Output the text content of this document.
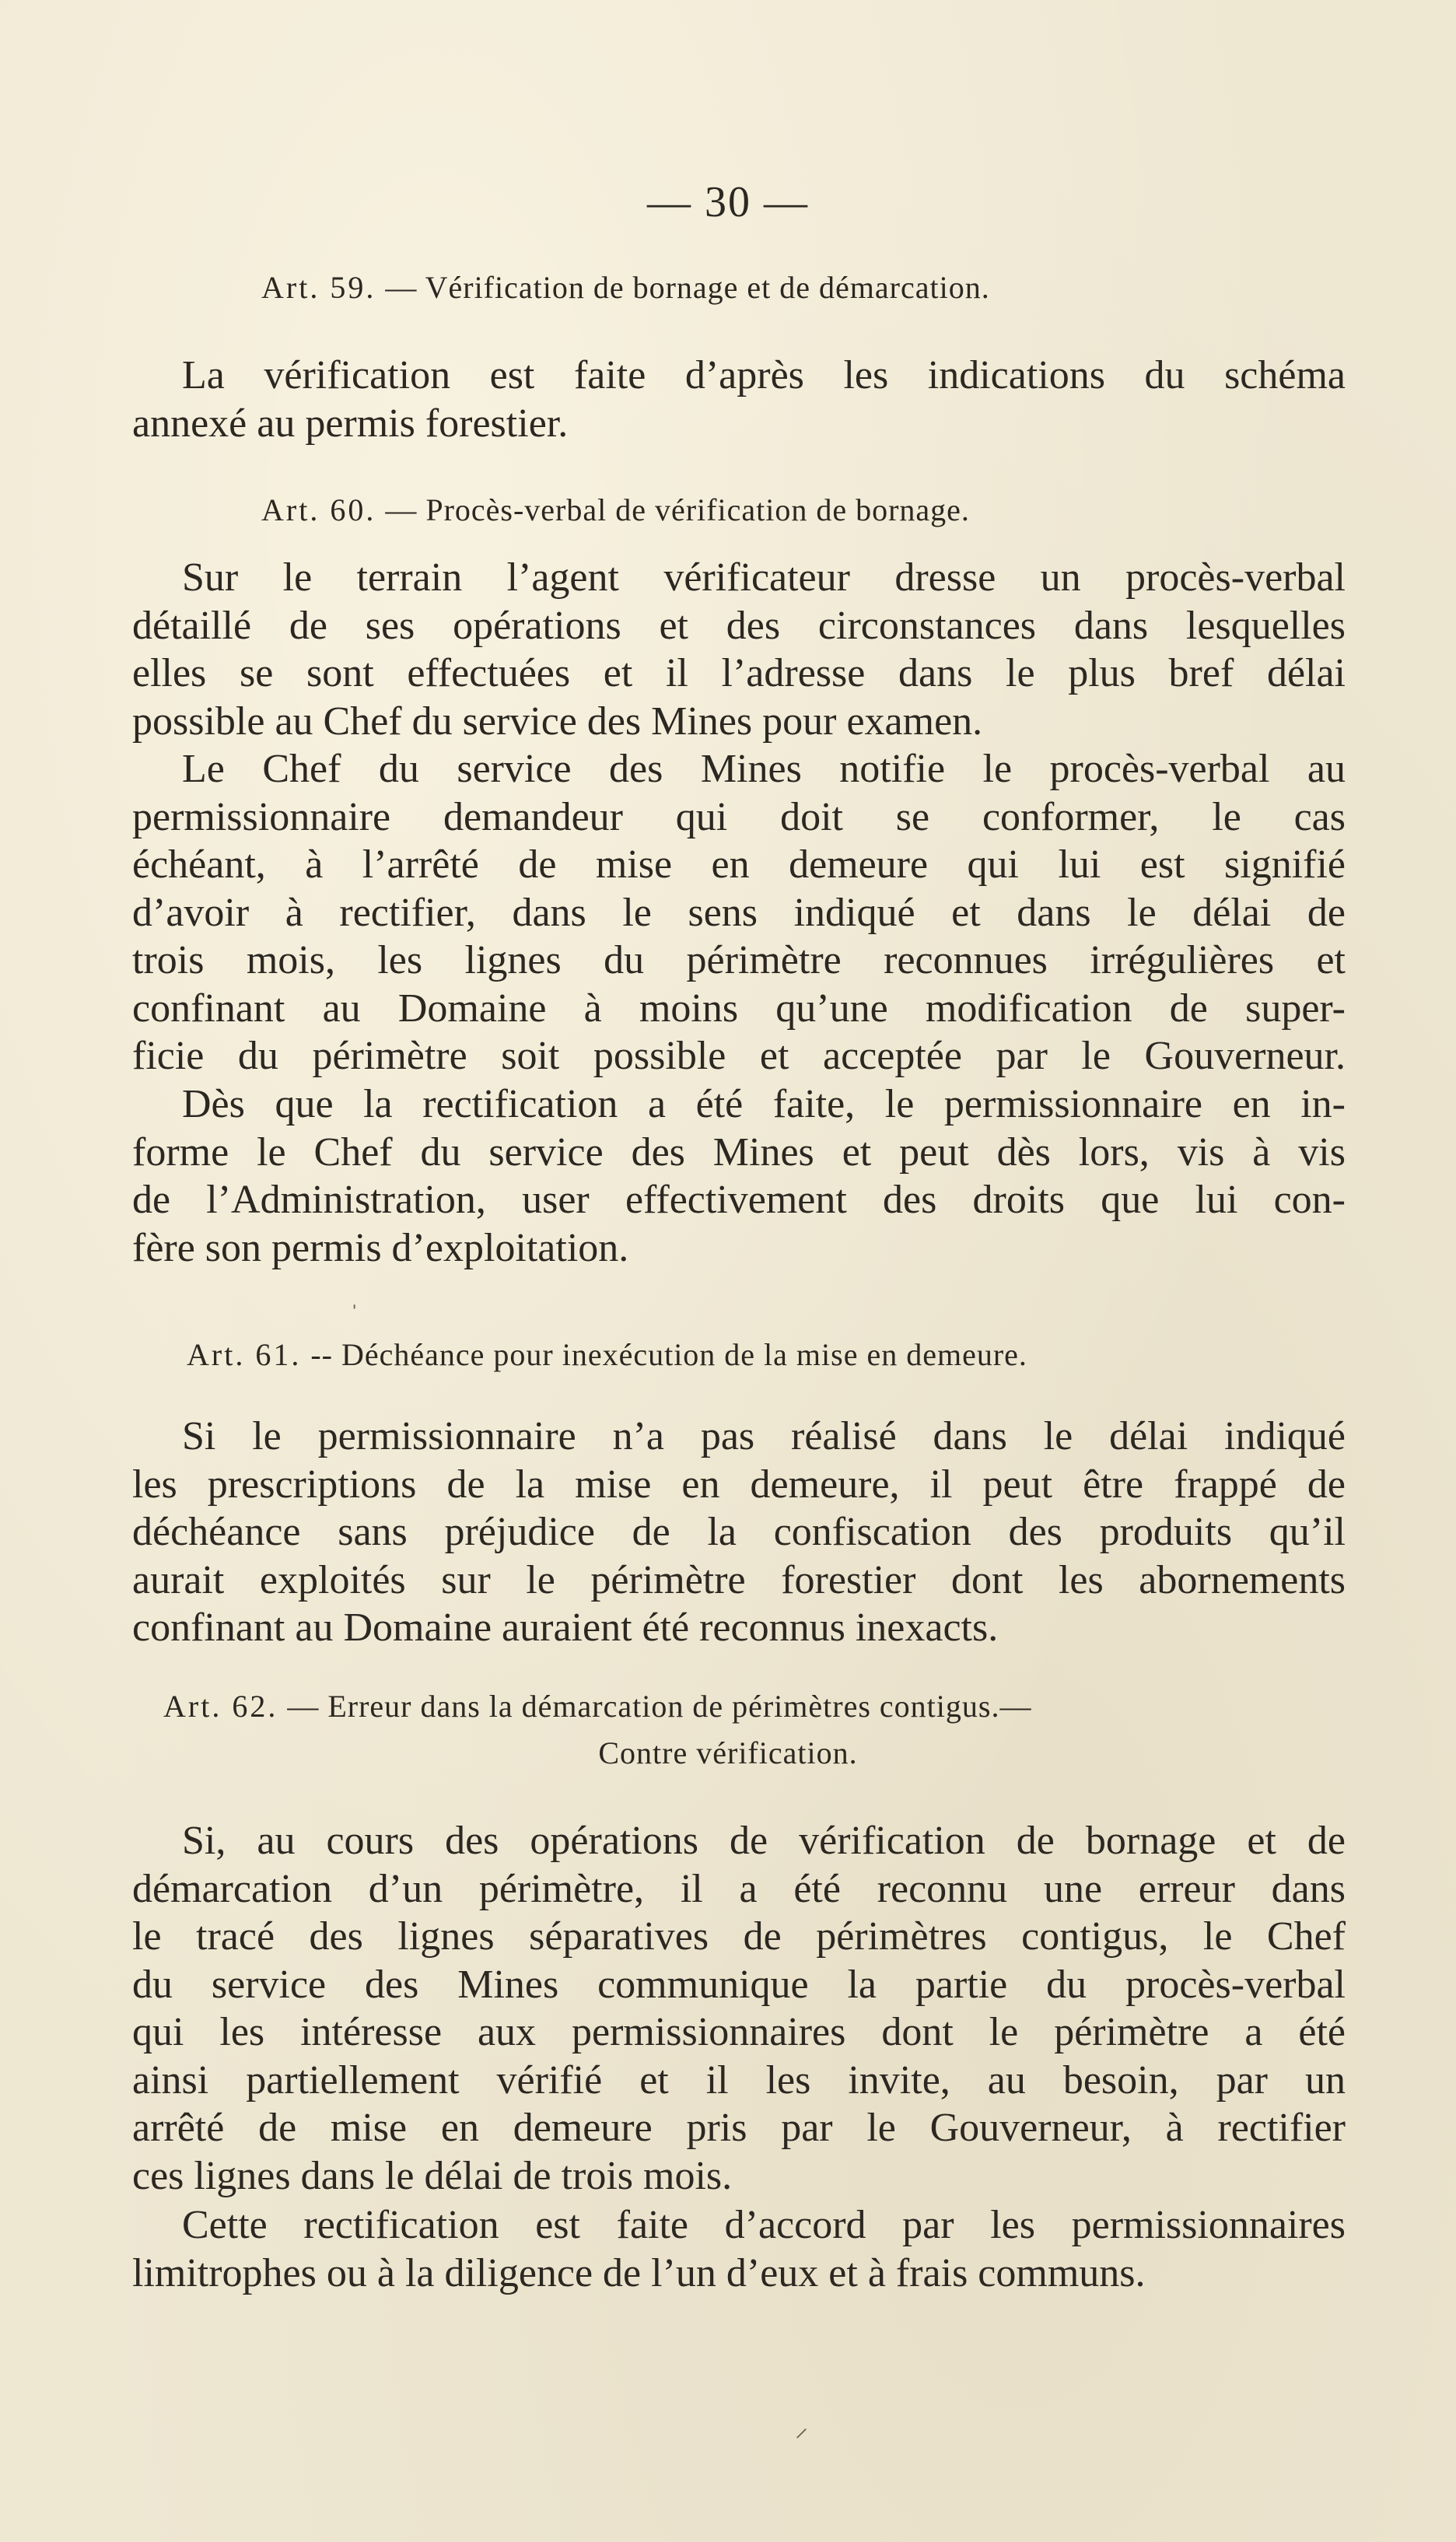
— 30 —
Art. 59. — Vérification de bornage et de démarcation.
La vérification est faite d’après les indications du schéma
annexé au permis forestier.
Art. 60. — Procès-verbal de vérification de bornage.
Sur le terrain l’agent vérificateur dresse un procès-verbal
détaillé de ses opérations et des circonstances dans lesquelles
elles se sont effectuées et il l’adresse dans le plus bref délai
possible au Chef du service des Mines pour examen.
Le Chef du service des Mines notifie le procès-verbal au
permissionnaire demandeur qui doit se conformer, le cas
échéant, à l’arrêté de mise en demeure qui lui est signifié
d’avoir à rectifier, dans le sens indiqué et dans le délai de
trois mois, les lignes du périmètre reconnues irrégulières et
confinant au Domaine à moins qu’une modification de super-
ficie du périmètre soit possible et acceptée par le Gouverneur.
Dès que la rectification a été faite, le permissionnaire en in-
forme le Chef du service des Mines et peut dès lors, vis à vis
de l’Administration, user effectivement des droits que lui con-
fère son permis d’exploitation.
Art. 61. -- Déchéance pour inexécution de la mise en demeure.
Si le permissionnaire n’a pas réalisé dans le délai indiqué
les prescriptions de la mise en demeure, il peut être frappé de
déchéance sans préjudice de la confiscation des produits qu’il
aurait exploités sur le périmètre forestier dont les abornements
confinant au Domaine auraient été reconnus inexacts.
Art. 62. — Erreur dans la démarcation de périmètres contigus.—
Contre vérification.
Si, au cours des opérations de vérification de bornage et de
démarcation d’un périmètre, il a été reconnu une erreur dans
le tracé des lignes séparatives de périmètres contigus, le Chef
du service des Mines communique la partie du procès-verbal
qui les intéresse aux permissionnaires dont le périmètre a été
ainsi partiellement vérifié et il les invite, au besoin, par un
arrêté de mise en demeure pris par le Gouverneur, à rectifier
ces lignes dans le délai de trois mois.
Cette rectification est faite d’accord par les permissionnaires
limitrophes ou à la diligence de l’un d’eux et à frais communs.
ˈ
⸝
